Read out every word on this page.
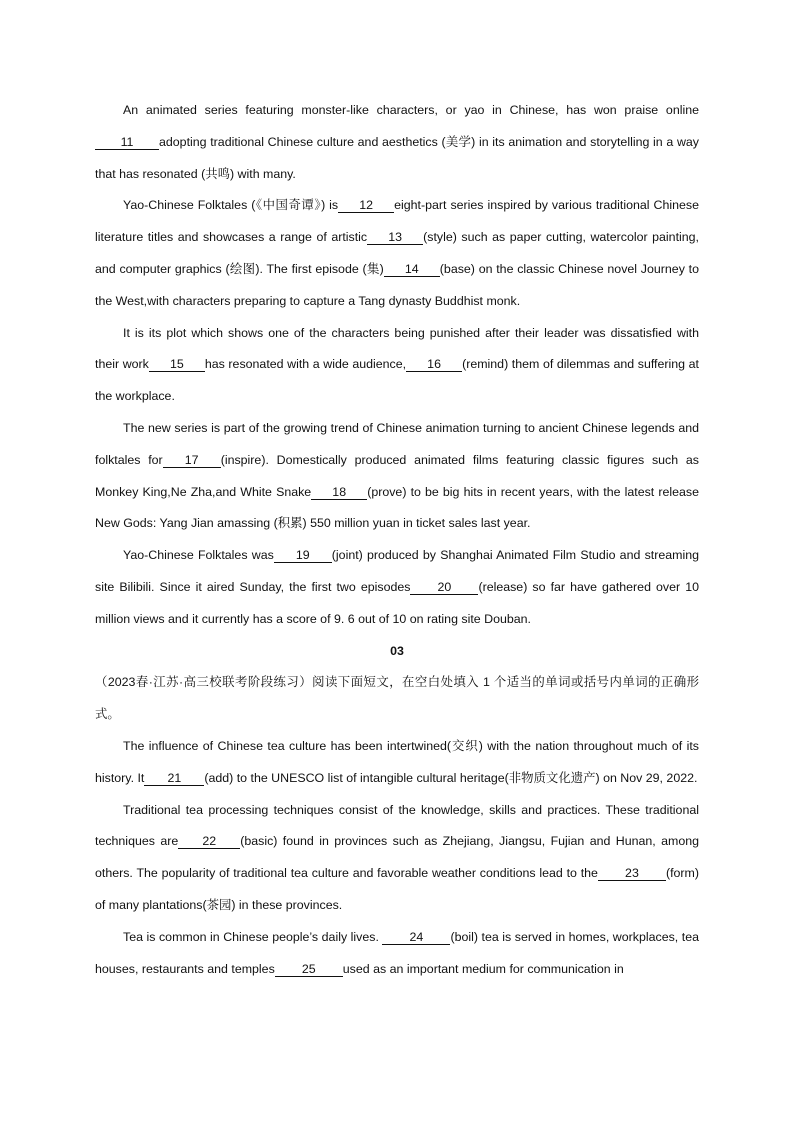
An animated series featuring monster-like characters, or yao in Chinese, has won praise online11 adopting traditional Chinese culture and aesthetics (美学) in its animation and storytelling in a way that has resonated (共鸣) with many.

Yao-Chinese Folktales (《中国奇谭》) is 12 eight-part series inspired by various traditional Chinese literature titles and showcases a range of artistic 13 (style) such as paper cutting, watercolor painting, and computer graphics (绘图). The first episode (集) 14 (base) on the classic Chinese novel Journey to the West,with characters preparing to capture a Tang dynasty Buddhist monk.

It is its plot which shows one of the characters being punished after their leader was dissatisfied with their work 15 has resonated with a wide audience, 16 (remind) them of dilemmas and suffering at the workplace.

The new series is part of the growing trend of Chinese animation turning to ancient Chinese legends and folktales for 17 (inspire). Domestically produced animated films featuring classic figures such as Monkey King,Ne Zha,and White Snake 18 (prove) to be big hits in recent years, with the latest release New Gods: Yang Jian amassing (积累) 550 million yuan in ticket sales last year.

Yao-Chinese Folktales was 19 (joint) produced by Shanghai Animated Film Studio and streaming site Bilibili. Since it aired Sunday, the first two episodes 20 (release) so far have gathered over 10 million views and it currently has a score of 9. 6 out of 10 on rating site Douban.

03

（2023春·江苏·高三校联考阶段练习）阅读下面短文，在空白处填入 1 个适当的单词或括号内单词的正确形式。

The influence of Chinese tea culture has been intertwined(交织) with the nation throughout much of its history. It 21 (add) to the UNESCO list of intangible cultural heritage(非物质文化遗产) on Nov 29, 2022.

Traditional tea processing techniques consist of the knowledge, skills and practices. These traditional techniques are 22 (basic) found in provinces such as Zhejiang, Jiangsu, Fujian and Hunan, among others. The popularity of traditional tea culture and favorable weather conditions lead to the 23 (form) of many plantations(茶园) in these provinces.

Tea is common in Chinese people’s daily lives. 24 (boil) tea is served in homes, workplaces, tea houses, restaurants and temples 25 used as an important medium for communication in
